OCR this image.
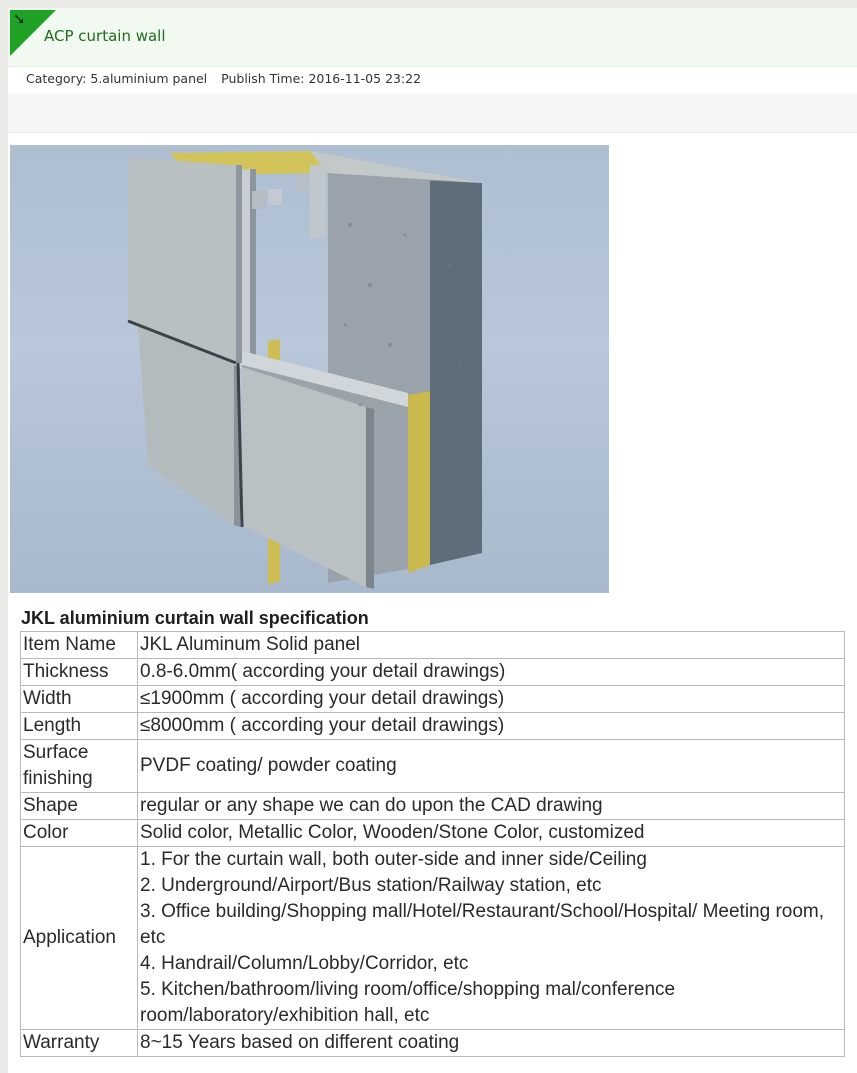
➘
ACP curtain wall
Category: 5.aluminium panel Publish Time: 2016-11-05 23:22
JKL aluminium curtain wall specification
Item Name	JKL Aluminum Solid panel

Thickness	0.8-6.0mm( according your detail drawings)

Width	≤1900mm ( according your detail drawings)

Length	≤8000mm ( according your detail drawings)

Surface finishing	PVDF coating/ powder coating

Shape	regular or any shape we can do upon the CAD drawing

Color	Solid color, Metallic Color, Wooden/Stone Color, customized

Application	1. For the curtain wall, both outer-side and inner side/Ceiling
2. Underground/Airport/Bus station/Railway station, etc
3. Office building/Shopping mall/Hotel/Restaurant/School/Hospital/ Meeting room, etc
4. Handrail/Column/Lobby/Corridor, etc
5. Kitchen/bathroom/living room/office/shopping mal/conference room/laboratory/exhibition hall, etc

Warranty	8~15 Years based on different coating
